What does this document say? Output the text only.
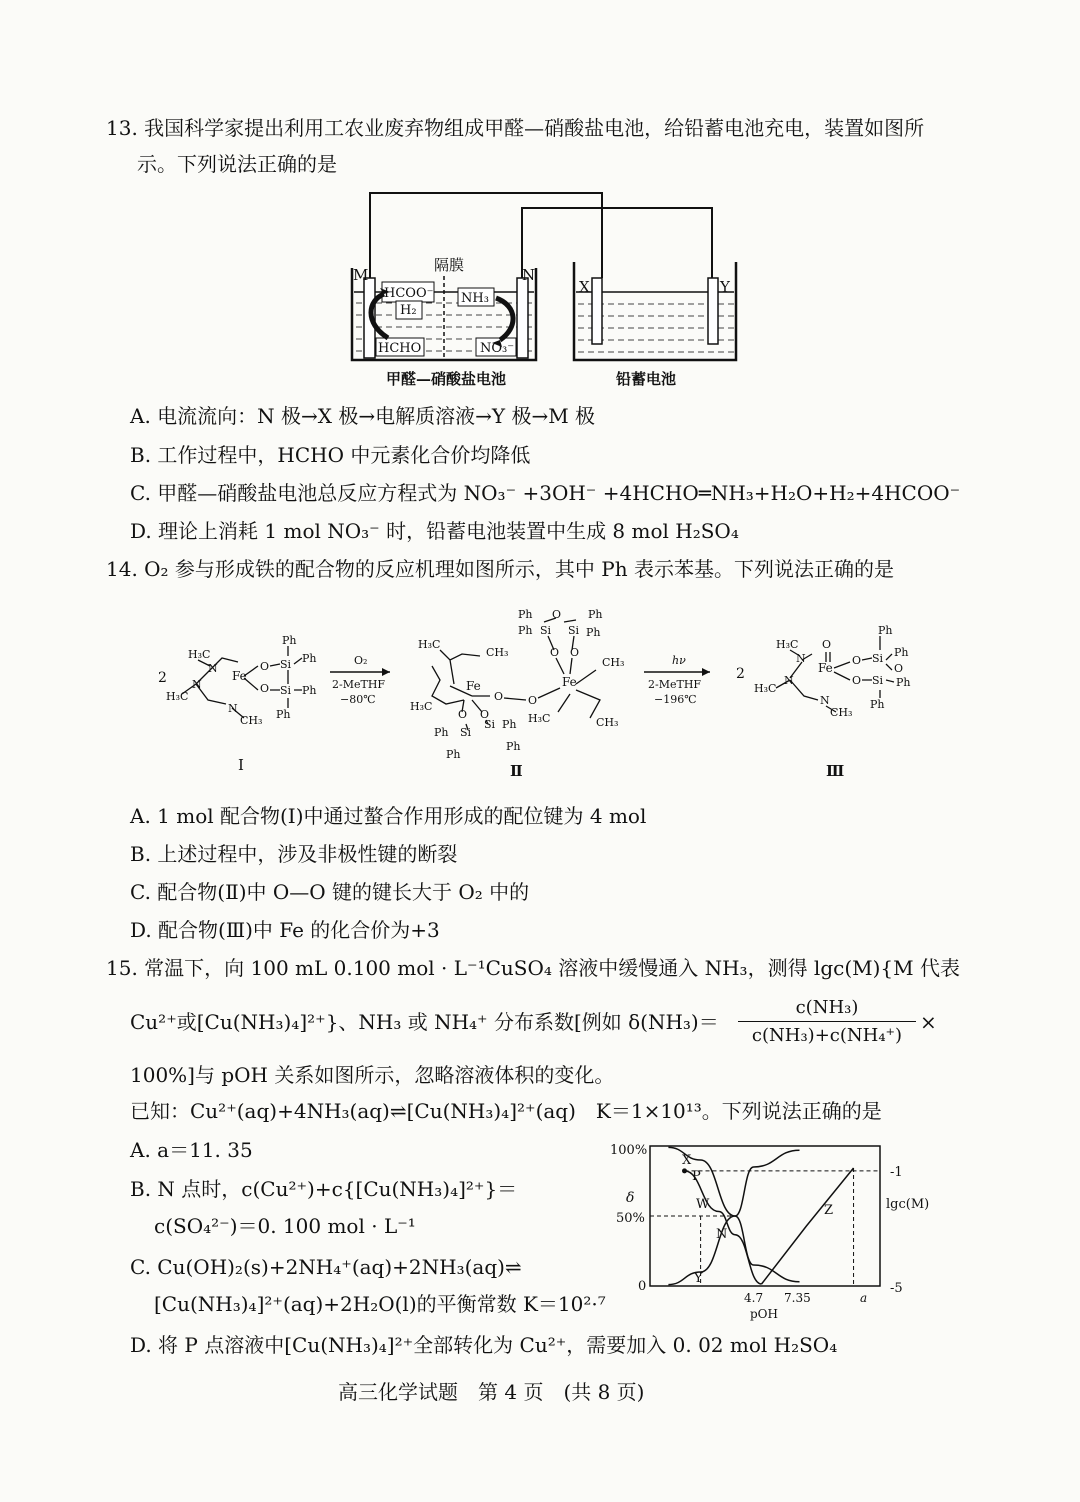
13. 我国科学家提出利用工农业废弃物组成甲醛—硝酸盐电池，给铅蓄电池充电，装置如图所
示。下列说法正确的是
隔膜
M	N
X	Y
HCOO⁻
H₂
HCHO
NH₃
NO₃⁻
甲醛—硝酸盐电池	铅蓄电池
A. 电流流向：N 极→X 极→电解质溶液→Y 极→M 极
B. 工作过程中，HCHO 中元素化合价均降低
C. 甲醛—硝酸盐电池总反应方程式为 NO₃⁻ +3OH⁻ +4HCHO═NH₃+H₂O+H₂+4HCOO⁻
D. 理论上消耗 1 mol NO₃⁻ 时，铅蓄电池装置中生成 8 mol H₂SO₄
14. O₂ 参与形成铁的配合物的反应机理如图所示，其中 Ph 表示苯基。下列说法正确的是
2
H₃C
H₃C
N
N
N
Fe
O
O
Si
Si
Ph
Ph
Ph
Ph
CH₃
Ⅰ
O₂
2-MeTHF
−80℃
Ph	Ph
O
Ph Si Si Ph
H₃C
CH₃
CH₃
Fe	Fe
O O
O O
O O
H₃C
H₃C	CH₃
Ph Si
Si Ph
Ph
Ph
Ⅱ
hν
2-MeTHF
−196℃
2
H₃C
H₃C
O
N
N
N
Fe
O
O
Si
Si
O
Ph
Ph
Ph
Ph
CH₃
Ⅲ
A. 1 mol 配合物(Ⅰ)中通过螯合作用形成的配位键为 4 mol
B. 上述过程中，涉及非极性键的断裂
C. 配合物(Ⅱ)中 O—O 键的键长大于 O₂ 中的
D. 配合物(Ⅲ)中 Fe 的化合价为+3
15. 常温下，向 100 mL 0.100 mol · L⁻¹CuSO₄ 溶液中缓慢通入 NH₃，测得 lgc(M){M 代表
Cu²⁺或[Cu(NH₃)₄]²⁺}、NH₃ 或 NH₄⁺ 分布系数[例如 $\delta(NH_3)= \frac{\text{c(NH₃)}}{\text{c(NH₃)+c(NH₄⁺)}}$ ×
100%]与 pOH 关系如图所示，忽略溶液体积的变化。
已知：Cu²⁺(aq)+4NH₃(aq)⇌[Cu(NH₃)₄]²⁺(aq)　K＝1×10¹³。下列说法正确的是
A. a＝11. 35
B. N 点时，c(Cu²⁺)+c{[Cu(NH₃)₄]²⁺}＝
c(SO₄²⁻)＝0. 100 mol · L⁻¹
C. Cu(OH)₂(s)+2NH₄⁺(aq)+2NH₃(aq)⇌
[Cu(NH₃)₄]²⁺(aq)+2H₂O(l)的平衡常数 K＝10²·⁷
D. 将 P 点溶液中[Cu(NH₃)₄]²⁺全部转化为 Cu²⁺，需要加入 0. 02 mol H₂SO₄
100%
50%
0
δ
-1
-5
lgc(M)
4.7 7.35	a
pOH
X
P
W
N
Y
Z
高三化学试题　第 4 页　(共 8 页)
